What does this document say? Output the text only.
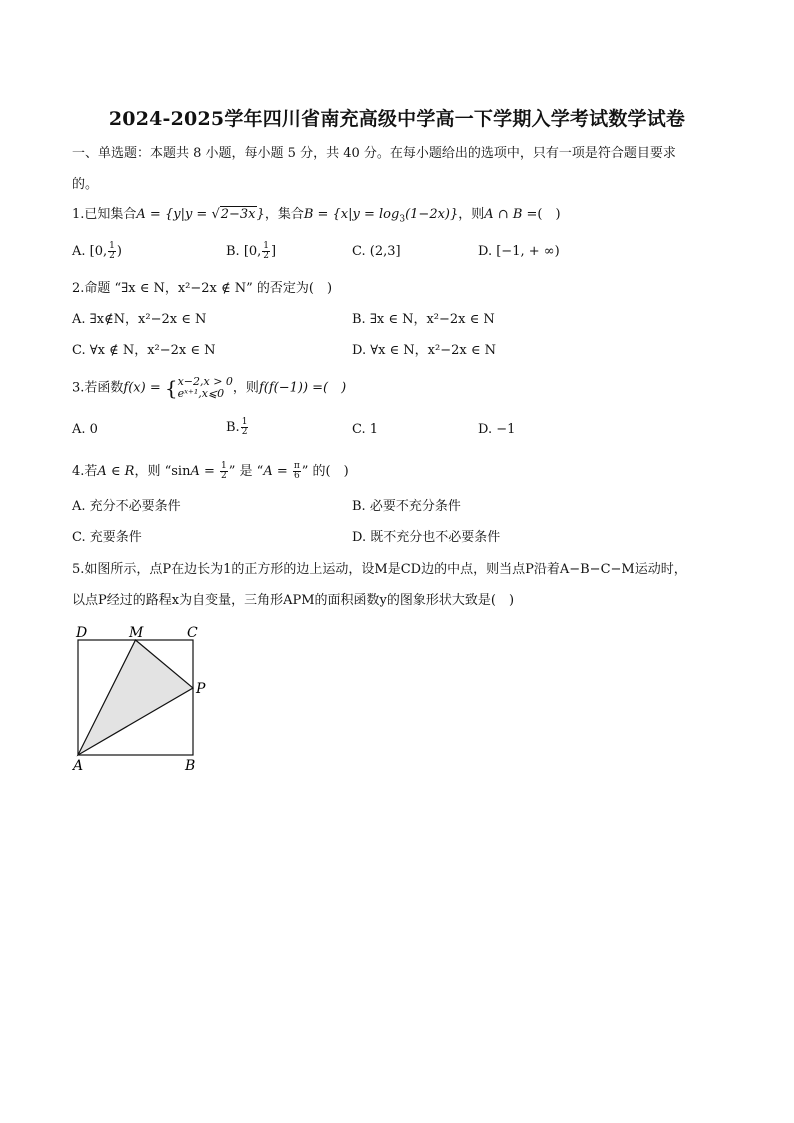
2024-2025学年四川省南充高级中学高一下学期入学考试数学试卷
一、单选题：本题共 8 小题，每小题 5 分，共 40 分。在每小题给出的选项中，只有一项是符合题目要求
的。
1.已知集合A = {y|y = √2−3x}，集合$B = \{x|y = \log_3(1-2x)\}$，则A ∩ B =(　)
A. [0, $\frac{1}{2}$ )	B. [0, $\frac{1}{2}$ ]	C. (2,3]	D. [−1, + ∞)
2.命题 “∃x ∈ N，x²−2x ∉ N” 的否定为(　)
A. ∃x∉N，x²−2x ∈ N	B. ∃x ∈ N，x²−2x ∈ N
C. ∀x ∉ N，x²−2x ∈ N	D. ∀x ∈ N，x²−2x ∈ N
3.若函数f(x) = { x−2,x > 0
eˣ⁺¹,x⩽0 ，则f(f(−1)) =(　)
A. 0	B. $\frac{1}{2}$	C. 1	D. −1
4.若A ∈ R，则 “$\sin A = \frac{1}{2}$ ” 是 “$A = \frac{\pi}{6}$ ” 的(　)
A. 充分不必要条件	B. 必要不充分条件
C. 充要条件	D. 既不充分也不必要条件
5.如图所示，点P在边长为1的正方形的边上运动，设M是CD边的中点，则当点P沿着A−B−C−M运动时，
以点P经过的路程x为自变量，三角形APM的面积函数y的图象形状大致是(　)
D	M	C
P
A	B
